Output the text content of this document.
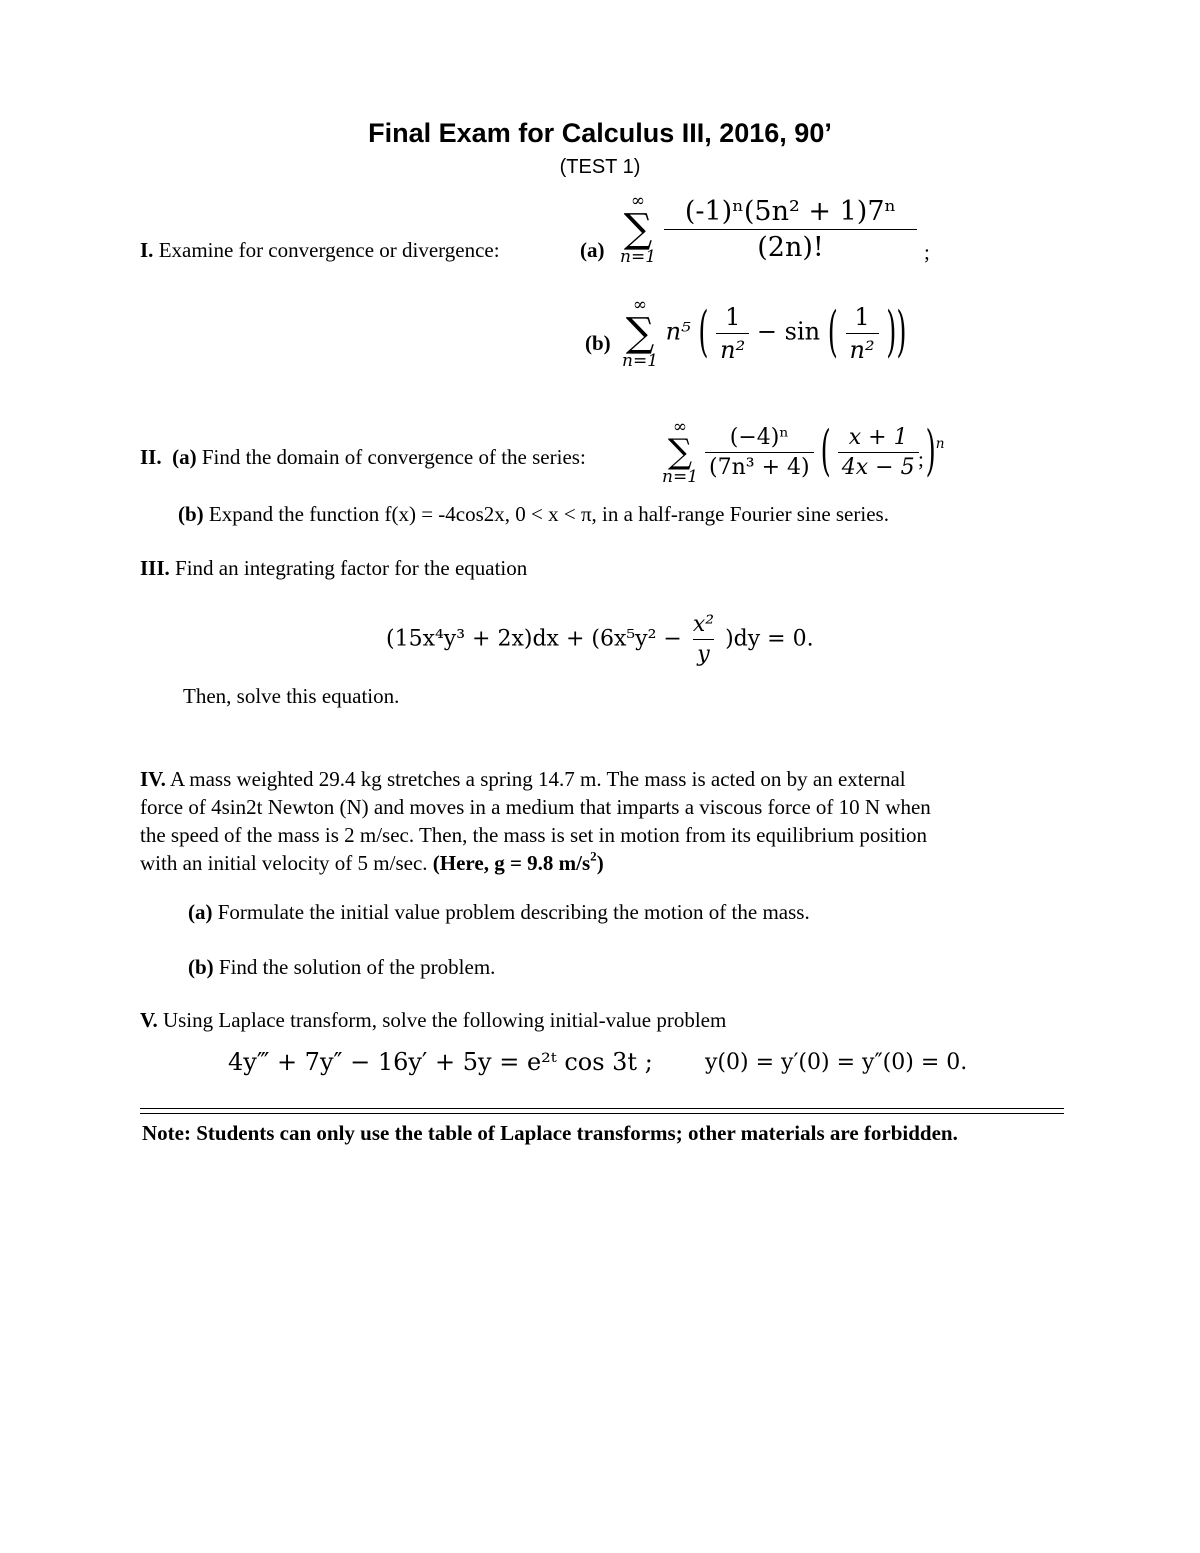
Final Exam for Calculus III, 2016, 90’
(TEST 1)
I. Examine for convergence or divergence:	(a)
∞
∑
n=1
$\frac{\text{(-1)ⁿ(5n² + 1)7ⁿ}}{(2n)!}$ ;
(b)
∞
∑
n=1
n⁵ ( $\frac{1}{\text{n²}} - \sin$ ( $\frac{1}{\text{n²}}$ ))
II. (a) Find the domain of convergence of the series:
∞
∑
n=1
$\frac{\text{(−4)ⁿ}}{\text{(7n³ + 4)}}$ ( $\frac{x + 1}{4x - 5} )^n$
;
(b) Expand the function f(x) = -4cos2x, 0 < x < π, in a half-range Fourier sine series.
III. Find an integrating factor for the equation
$(15x^4y^3 + 2x)dx + (6x^5y^2 - \frac{\text{x²}}{y} )dy = 0$.
Then, solve this equation.
IV. A mass weighted 29.4 kg stretches a spring 14.7 m. The mass is acted on by an external
force of 4sin2t Newton (N) and moves in a medium that imparts a viscous force of 10 N when
the speed of the mass is 2 m/sec. Then, the mass is set in motion from its equilibrium position
with an initial velocity of 5 m/sec. (Here, g = 9.8 $m/s^2$)
(a) Formulate the initial value problem describing the motion of the mass.
(b) Find the solution of the problem.
V. Using Laplace transform, solve the following initial-value problem
4y‴ + 7y″ − 16y′ + 5y = e²ᵗ cos 3t ; y(0) = y′(0) = y″(0) = 0.
Note: Students can only use the table of Laplace transforms; other materials are forbidden.
